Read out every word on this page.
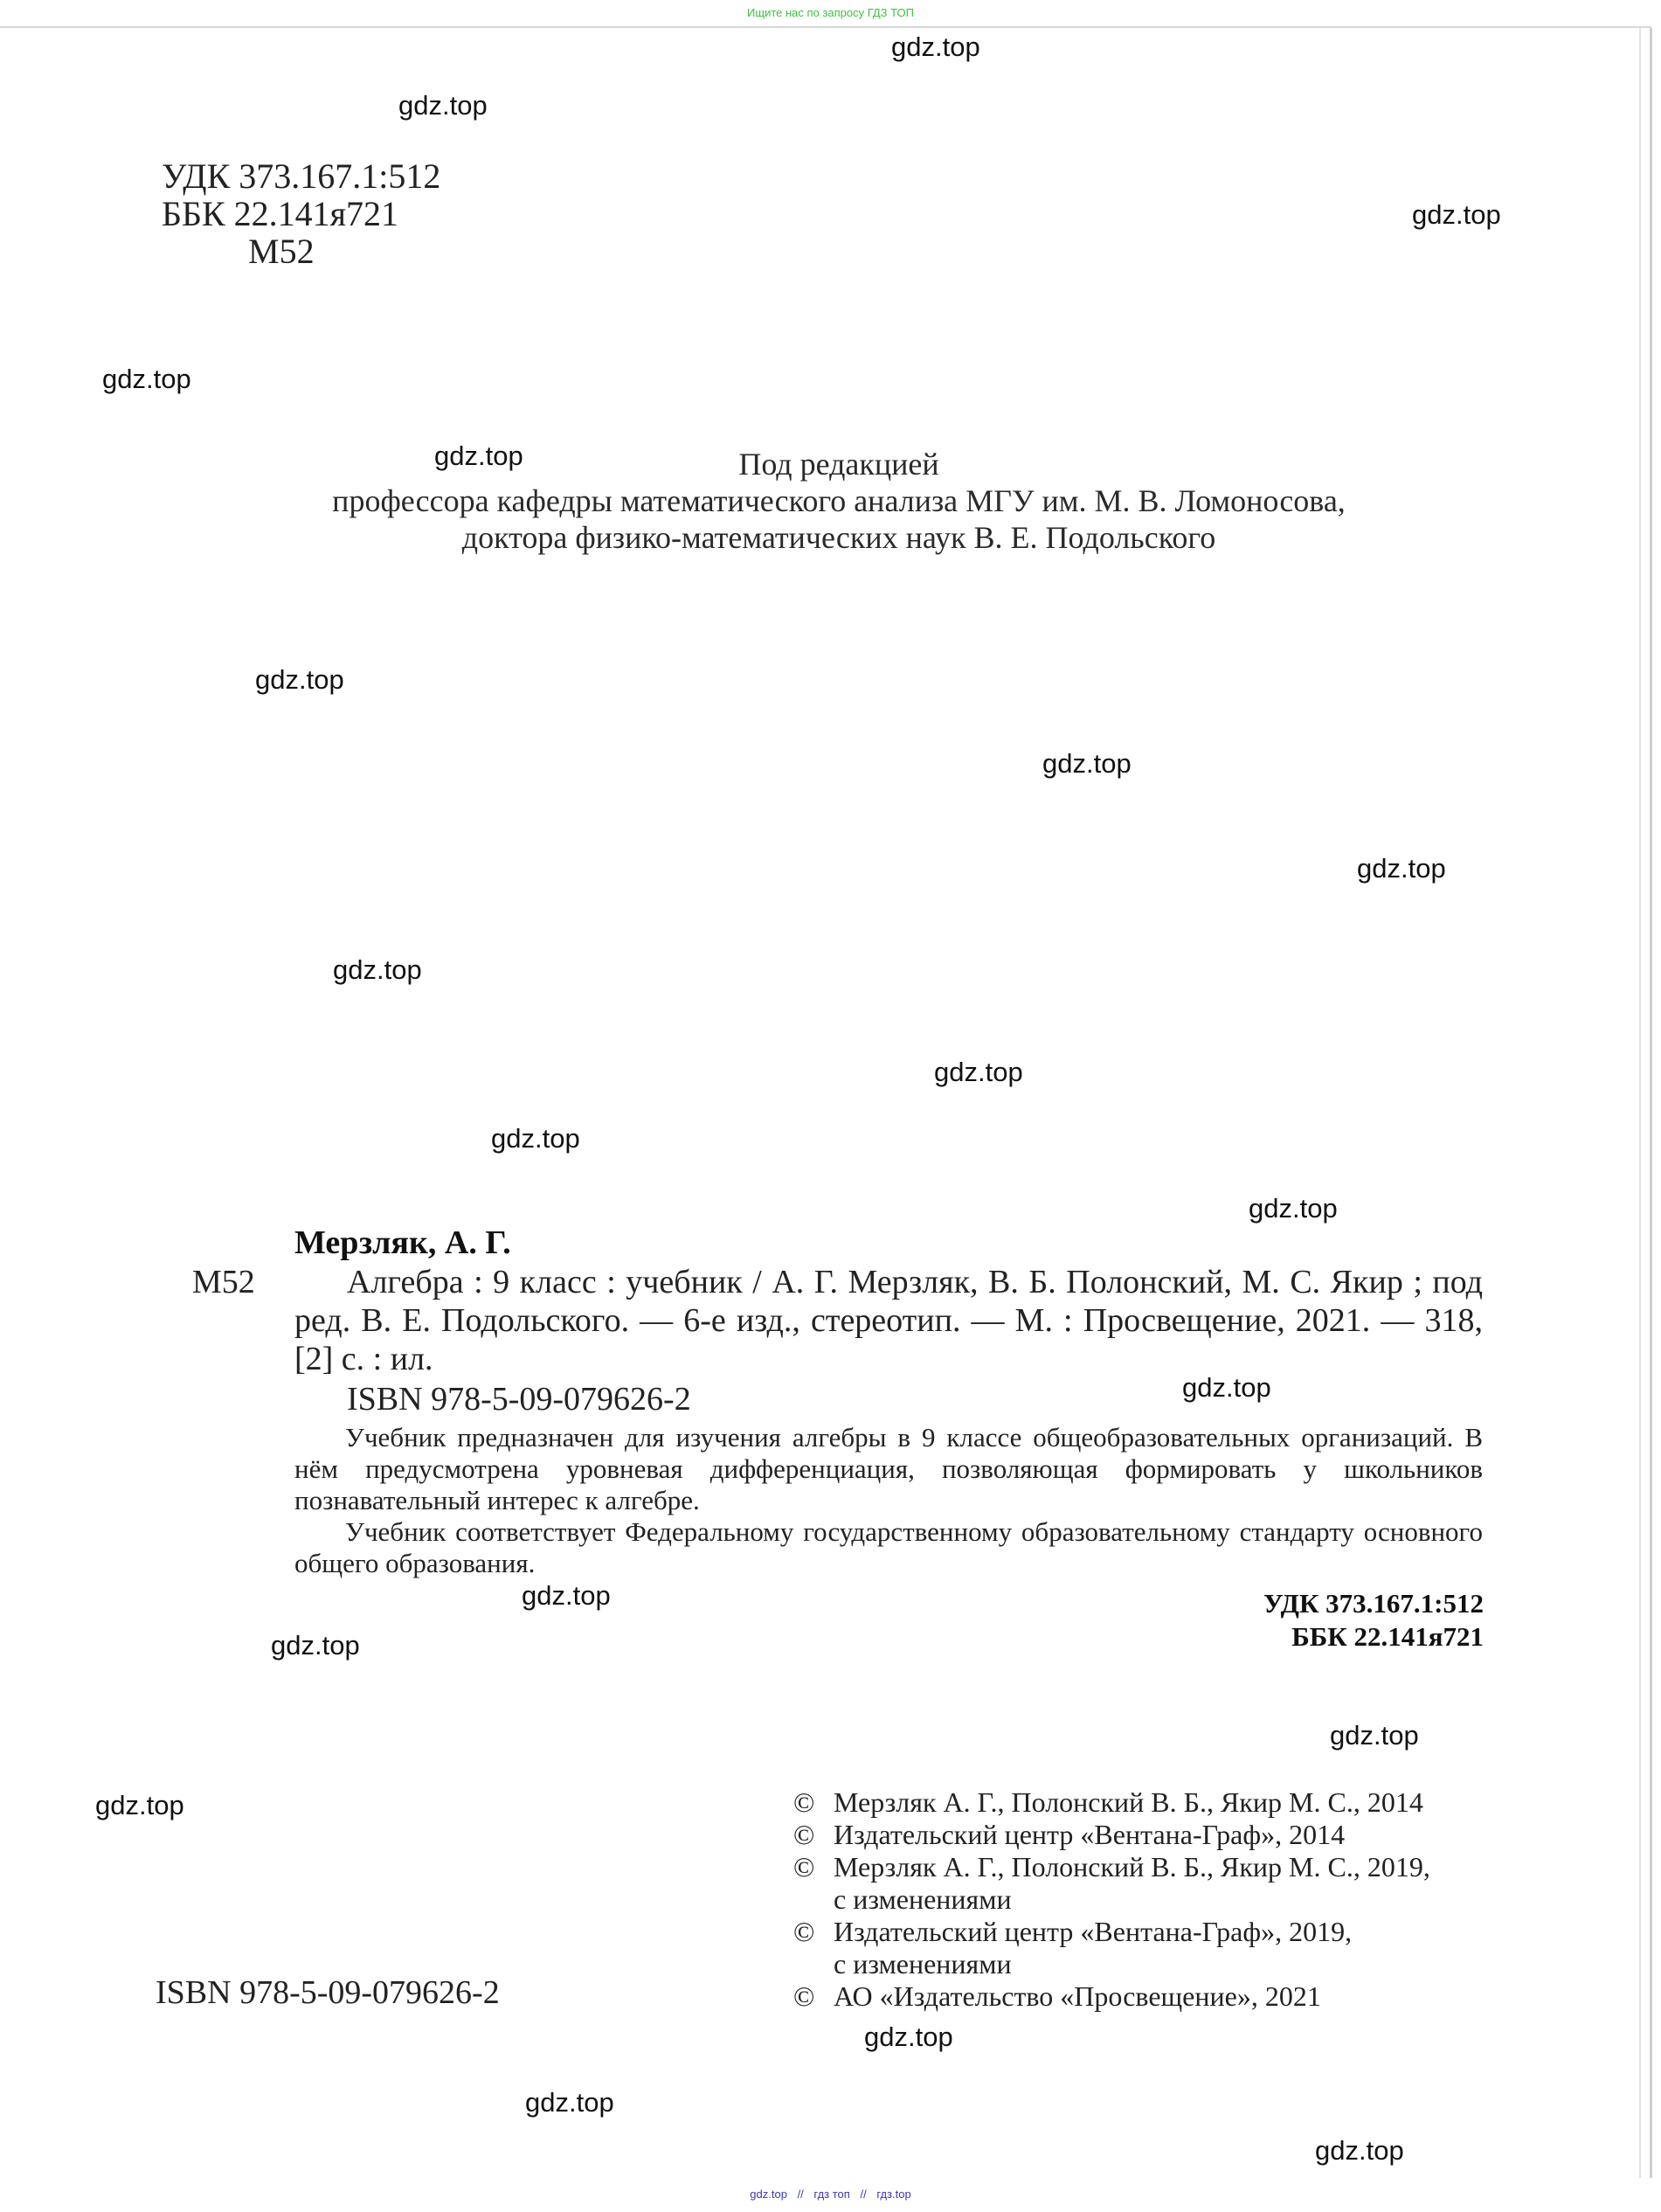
Ищите нас по запросу ГДЗ ТОП
gdz.top
gdz.top
gdz.top
gdz.top
gdz.top
gdz.top
gdz.top
gdz.top
gdz.top
gdz.top
gdz.top
gdz.top
gdz.top
gdz.top
gdz.top
gdz.top
gdz.top
gdz.top
gdz.top
gdz.top
УДК 373.167.1:512
ББК 22.141я721
М52
Под редакцией
профессора кафедры математического анализа МГУ им. М. В. Ломоносова,
доктора физико-математических наук В. Е. Подольского
Мерзляк, А. Г.
М52	Алгебра : 9 класс : учебник / А. Г. Мерзляк, В. Б. Полонский, М. С. Якир ; под ред. В. Е. Подольского. — 6-е изд., стереотип. — М. : Просвещение, 2021. — 318, [2] с. : ил.
ISBN 978-5-09-079626-2

Учебник предназначен для изучения алгебры в 9 классе общеобразовательных организаций. В нём предусмотрена уровневая дифференциация, позволяющая формировать у школьников познавательный интерес к алгебре.

Учебник соответствует Федеральному государственному образовательному стандарту основного общего образования.

УДК 373.167.1:512
ББК 22.141я721
ISBN 978-5-09-079626-2
© Мерзляк А. Г., Полонский В. Б., Якир М. С., 2014
© Издательский центр «Вентана-Граф», 2014
© Мерзляк А. Г., Полонский В. Б., Якир М. С., 2019,
с изменениями
© Издательский центр «Вентана-Граф», 2019,
с изменениями
© АО «Издательство «Просвещение», 2021
gdz.top // гдз топ // гдз.top
